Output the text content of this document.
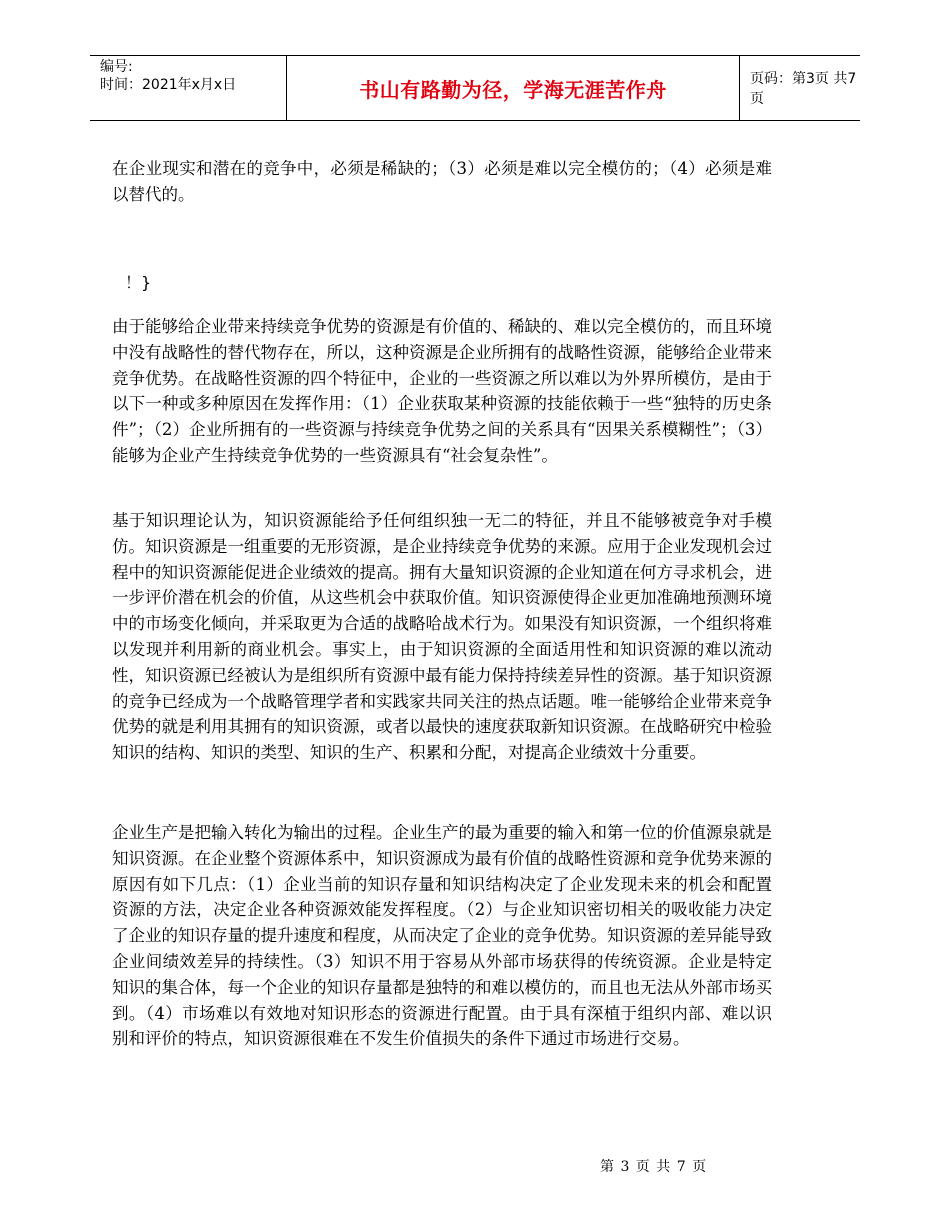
编号:
时间：2021年x月x日	书山有路勤为径，学海无涯苦作舟	页码：第3页 共7页

在企业现实和潜在的竞争中，必须是稀缺的；（3）必须是难以完全模仿的；（4）必须是难以替代的。

！}

由于能够给企业带来持续竞争优势的资源是有价值的、稀缺的、难以完全模仿的，而且环境中没有战略性的替代物存在，所以，这种资源是企业所拥有的战略性资源，能够给企业带来竞争优势。在战略性资源的四个特征中，企业的一些资源之所以难以为外界所模仿，是由于以下一种或多种原因在发挥作用：（1）企业获取某种资源的技能依赖于一些“独特的历史条件”；（2）企业所拥有的一些资源与持续竞争优势之间的关系具有“因果关系模糊性”；（3）能够为企业产生持续竞争优势的一些资源具有“社会复杂性”。

基于知识理论认为，知识资源能给予任何组织独一无二的特征，并且不能够被竞争对手模仿。知识资源是一组重要的无形资源，是企业持续竞争优势的来源。应用于企业发现机会过程中的知识资源能促进企业绩效的提高。拥有大量知识资源的企业知道在何方寻求机会，进一步评价潜在机会的价值，从这些机会中获取价值。知识资源使得企业更加准确地预测环境中的市场变化倾向，并采取更为合适的战略哈战术行为。如果没有知识资源，一个组织将难以发现并利用新的商业机会。事实上，由于知识资源的全面适用性和知识资源的难以流动性，知识资源已经被认为是组织所有资源中最有能力保持持续差异性的资源。基于知识资源的竞争已经成为一个战略管理学者和实践家共同关注的热点话题。唯一能够给企业带来竞争优势的就是利用其拥有的知识资源，或者以最快的速度获取新知识资源。在战略研究中检验知识的结构、知识的类型、知识的生产、积累和分配，对提高企业绩效十分重要。

企业生产是把输入转化为输出的过程。企业生产的最为重要的输入和第一位的价值源泉就是知识资源。在企业整个资源体系中，知识资源成为最有价值的战略性资源和竞争优势来源的原因有如下几点：（1）企业当前的知识存量和知识结构决定了企业发现未来的机会和配置资源的方法，决定企业各种资源效能发挥程度。（2）与企业知识密切相关的吸收能力决定了企业的知识存量的提升速度和程度，从而决定了企业的竞争优势。知识资源的差异能导致企业间绩效差异的持续性。（3）知识不用于容易从外部市场获得的传统资源。企业是特定知识的集合体，每一个企业的知识存量都是独特的和难以模仿的，而且也无法从外部市场买到。（4）市场难以有效地对知识形态的资源进行配置。由于具有深植于组织内部、难以识别和评价的特点，知识资源很难在不发生价值损失的条件下通过市场进行交易。

第 3 页 共 7 页
